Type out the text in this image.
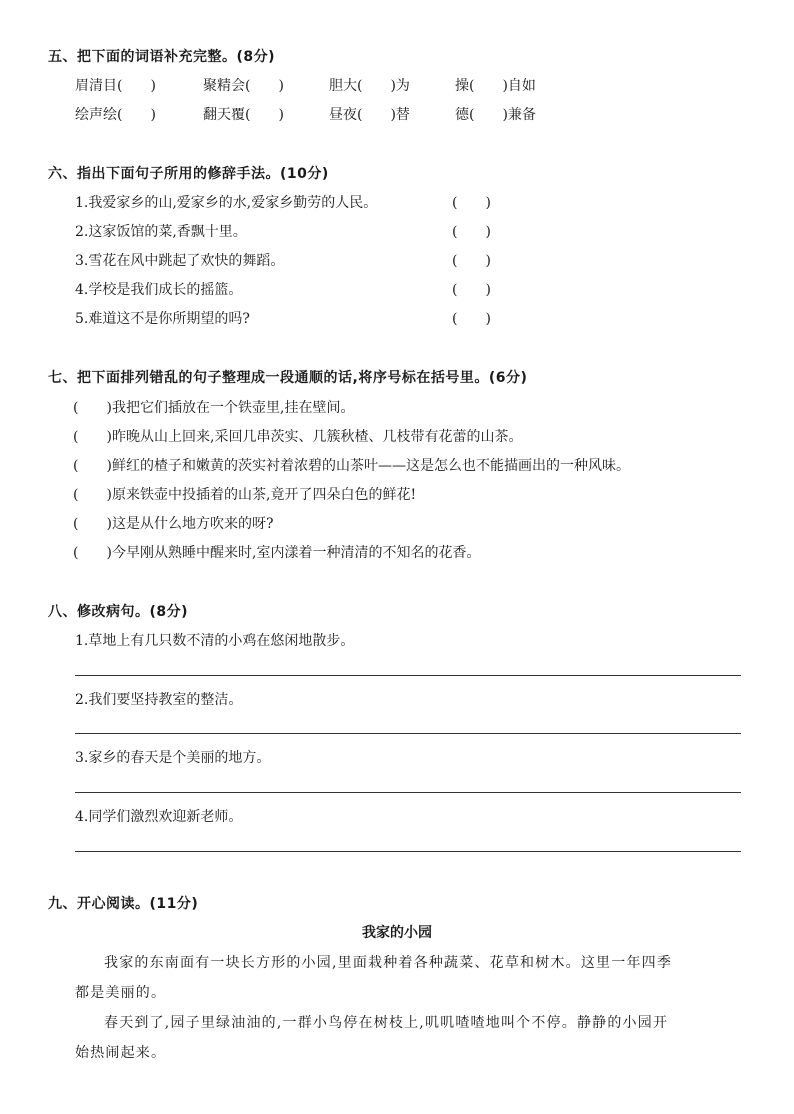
五、把下面的词语补充完整。(8分)
眉清目(　　)	聚精会(　　)	胆大(　　)为	操(　　)自如
绘声绘(　　)	翻天覆(　　)	昼夜(　　)替	德(　　)兼备
六、指出下面句子所用的修辞手法。(10分)
1.我爱家乡的山,爱家乡的水,爱家乡勤劳的人民。	(　　)
2.这家饭馆的菜,香飘十里。	(　　)
3.雪花在风中跳起了欢快的舞蹈。	(　　)
4.学校是我们成长的摇篮。	(　　)
5.难道这不是你所期望的吗?	(　　)
七、把下面排列错乱的句子整理成一段通顺的话,将序号标在括号里。(6分)
(　　) 我把它们插放在一个铁壶里,挂在壁间。
(　　) 昨晚从山上回来,采回几串茨实、几簇秋楂、几枝带有花蕾的山茶。
(　　) 鲜红的楂子和嫩黄的茨实衬着浓碧的山茶叶——这是怎么也不能描画出的一种风味。
(　　) 原来铁壶中投插着的山茶,竟开了四朵白色的鲜花!
(　　) 这是从什么地方吹来的呀?
(　　) 今早刚从熟睡中醒来时,室内漾着一种清清的不知名的花香。
八、修改病句。(8分)
1.草地上有几只数不清的小鸡在悠闲地散步。
2.我们要坚持教室的整洁。
3.家乡的春天是个美丽的地方。
4.同学们激烈欢迎新老师。
九、开心阅读。(11分)
我家的小园
我家的东南面有一块长方形的小园,里面栽种着各种蔬菜、花草和树木。这里一年四季
都是美丽的。
春天到了,园子里绿油油的,一群小鸟停在树枝上,叽叽喳喳地叫个不停。静静的小园开
始热闹起来。
